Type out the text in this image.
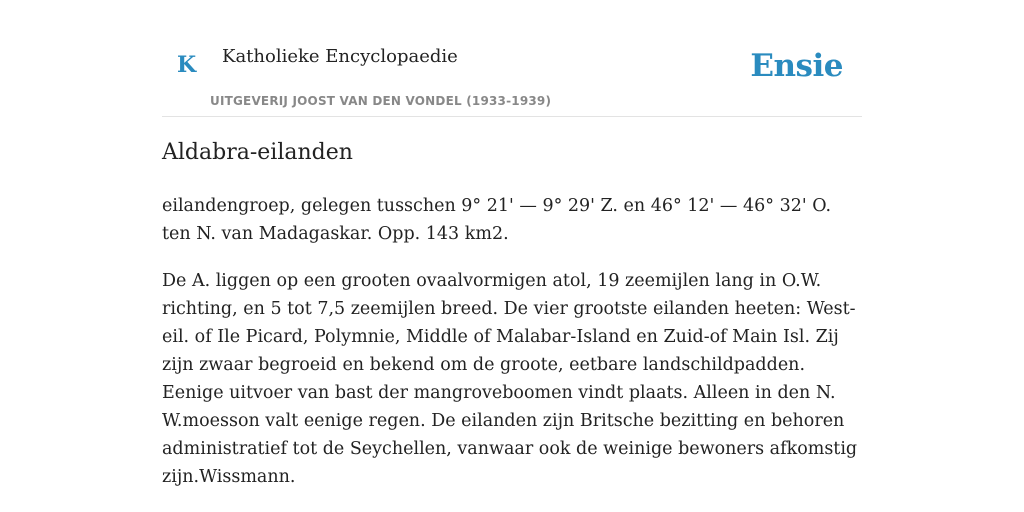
K Katholieke Encyclopaedie
UITGEVERIJ JOOST VAN DEN VONDEL (1933-1939)
Ensie
Aldabra-eilanden

eilandengroep, gelegen tusschen 9° 21' — 9° 29' Z. en 46° 12' — 46° 32' O. ten N. van Madagaskar. Opp. 143 km2.

De A. liggen op een grooten ovaalvormigen atol, 19 zeemijlen lang in O.W. richting, en 5 tot 7,5 zeemijlen breed. De vier grootste eilanden heeten: West-eil. of Ile Picard, Polymnie, Middle of Malabar-Island en Zuid-of Main Isl. Zij zijn zwaar begroeid en bekend om de groote, eetbare landschildpadden. Eenige uitvoer van bast der mangroveboomen vindt plaats. Alleen in den N. W.moesson valt eenige regen. De eilanden zijn Britsche bezitting en behoren administratief tot de Seychellen, vanwaar ook de weinige bewoners afkomstig zijn.Wissmann.
